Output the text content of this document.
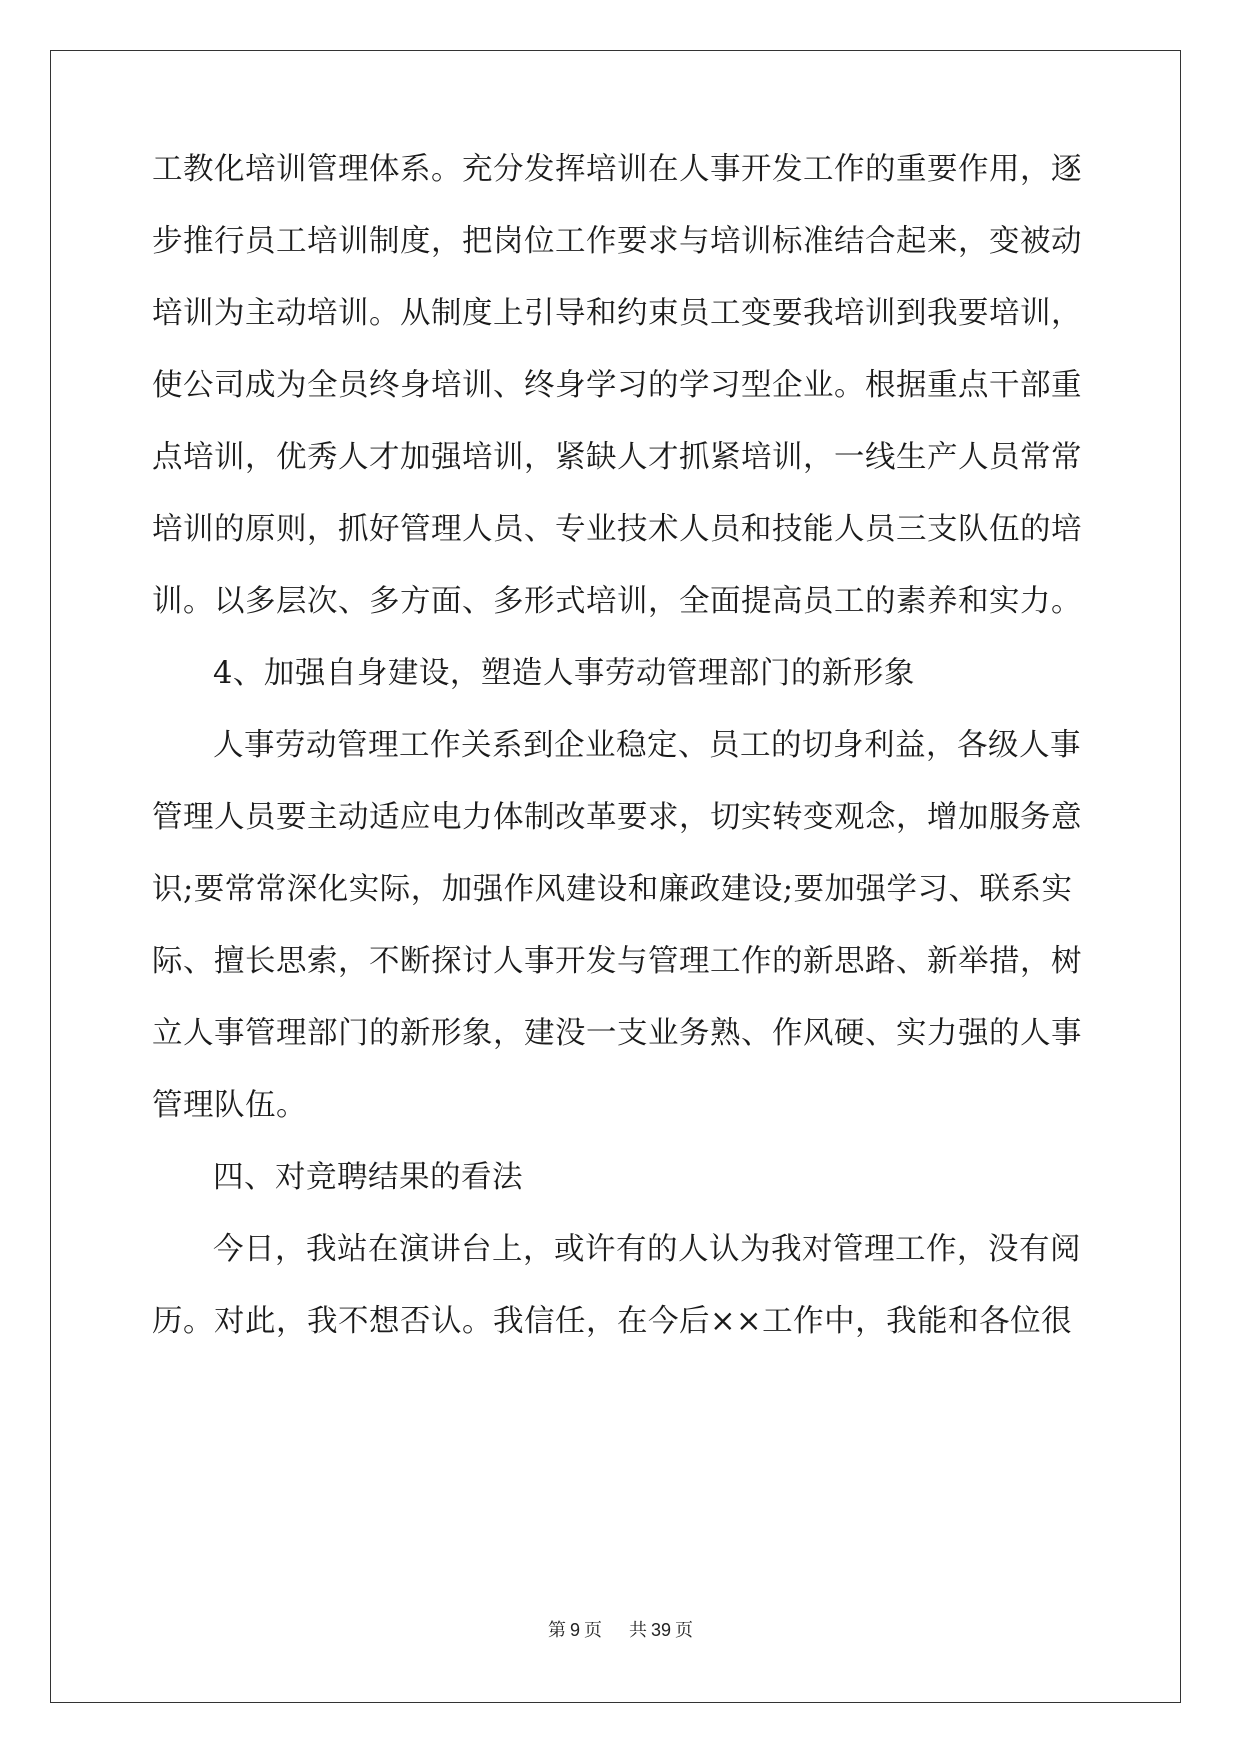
工教化培训管理体系。充分发挥培训在人事开发工作的重要作用，逐
步推行员工培训制度，把岗位工作要求与培训标准结合起来，变被动
培训为主动培训。从制度上引导和约束员工变要我培训到我要培训，
使公司成为全员终身培训、终身学习的学习型企业。根据重点干部重
点培训，优秀人才加强培训，紧缺人才抓紧培训，一线生产人员常常
培训的原则，抓好管理人员、专业技术人员和技能人员三支队伍的培
训。以多层次、多方面、多形式培训，全面提高员工的素养和实力。
4、加强自身建设，塑造人事劳动管理部门的新形象
人事劳动管理工作关系到企业稳定、员工的切身利益，各级人事
管理人员要主动适应电力体制改革要求，切实转变观念，增加服务意
识;要常常深化实际，加强作风建设和廉政建设;要加强学习、联系实
际、擅长思索，不断探讨人事开发与管理工作的新思路、新举措，树
立人事管理部门的新形象，建没一支业务熟、作风硬、实力强的人事
管理队伍。
四、对竞聘结果的看法
今日，我站在演讲台上，或许有的人认为我对管理工作，没有阅
历。对此，我不想否认。我信任，在今后××工作中，我能和各位很
第 9 页 共 39 页
